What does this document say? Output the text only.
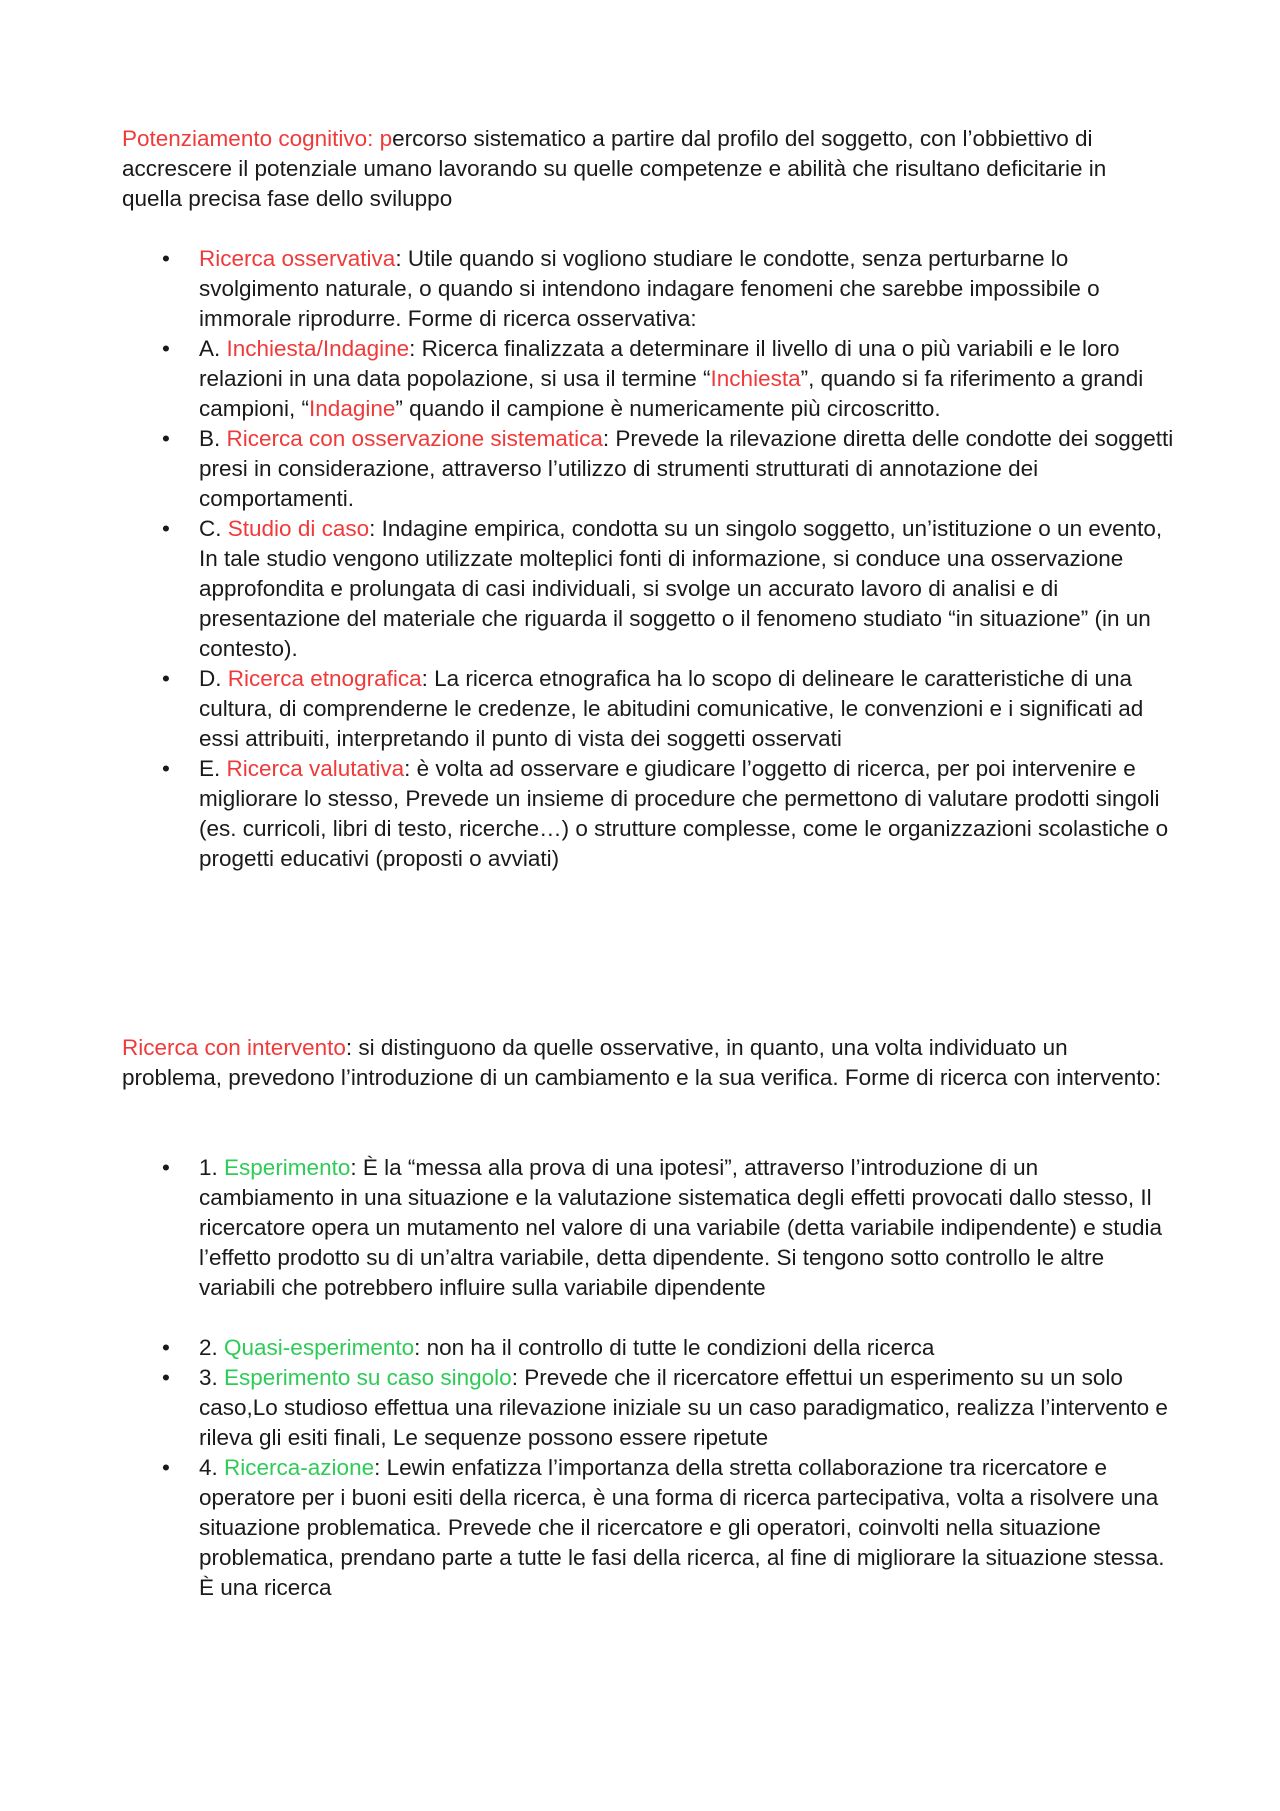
Potenziamento cognitivo: percorso sistematico a partire dal profilo del soggetto, con l’obbiettivo di accrescere il potenziale umano lavorando su quelle competenze e abilità che risultano deficitarie in quella precisa fase dello sviluppo

• Ricerca osservativa: Utile quando si vogliono studiare le condotte, senza perturbarne lo svolgimento naturale, o quando si intendono indagare fenomeni che sarebbe impossibile o immorale riprodurre. Forme di ricerca osservativa:
• A. Inchiesta/Indagine: Ricerca finalizzata a determinare il livello di una o più variabili e le loro relazioni in una data popolazione, si usa il termine “Inchiesta”, quando si fa riferimento a grandi campioni, “Indagine” quando il campione è numericamente più circoscritto.
• B. Ricerca con osservazione sistematica: Prevede la rilevazione diretta delle condotte dei soggetti presi in considerazione, attraverso l’utilizzo di strumenti strutturati di annotazione dei comportamenti.
• C. Studio di caso: Indagine empirica, condotta su un singolo soggetto, un’istituzione o un evento, In tale studio vengono utilizzate molteplici fonti di informazione, si conduce una osservazione approfondita e prolungata di casi individuali, si svolge un accurato lavoro di analisi e di presentazione del materiale che riguarda il soggetto o il fenomeno studiato “in situazione” (in un contesto).
• D. Ricerca etnografica: La ricerca etnografica ha lo scopo di delineare le caratteristiche di una cultura, di comprenderne le credenze, le abitudini comunicative, le convenzioni e i significati ad essi attribuiti, interpretando il punto di vista dei soggetti osservati
• E. Ricerca valutativa: è volta ad osservare e giudicare l’oggetto di ricerca, per poi intervenire e migliorare lo stesso, Prevede un insieme di procedure che permettono di valutare prodotti singoli (es. curricoli, libri di testo, ricerche…) o strutture complesse, come le organizzazioni scolastiche o progetti educativi (proposti o avviati)

Ricerca con intervento: si distinguono da quelle osservative, in quanto, una volta individuato un problema, prevedono l’introduzione di un cambiamento e la sua verifica. Forme di ricerca con intervento:

• 1. Esperimento: È la “messa alla prova di una ipotesi”, attraverso l’introduzione di un cambiamento in una situazione e la valutazione sistematica degli effetti provocati dallo stesso, Il ricercatore opera un mutamento nel valore di una variabile (detta variabile indipendente) e studia l’effetto prodotto su di un’altra variabile, detta dipendente. Si tengono sotto controllo le altre variabili che potrebbero influire sulla variabile dipendente
• 2. Quasi-esperimento: non ha il controllo di tutte le condizioni della ricerca
• 3. Esperimento su caso singolo: Prevede che il ricercatore effettui un esperimento su un solo caso,Lo studioso effettua una rilevazione iniziale su un caso paradigmatico, realizza l’intervento e rileva gli esiti finali, Le sequenze possono essere ripetute
• 4. Ricerca-azione: Lewin enfatizza l’importanza della stretta collaborazione tra ricercatore e operatore per i buoni esiti della ricerca, è una forma di ricerca partecipativa, volta a risolvere una situazione problematica. Prevede che il ricercatore e gli operatori, coinvolti nella situazione problematica, prendano parte a tutte le fasi della ricerca, al fine di migliorare la situazione stessa. È una ricerca
